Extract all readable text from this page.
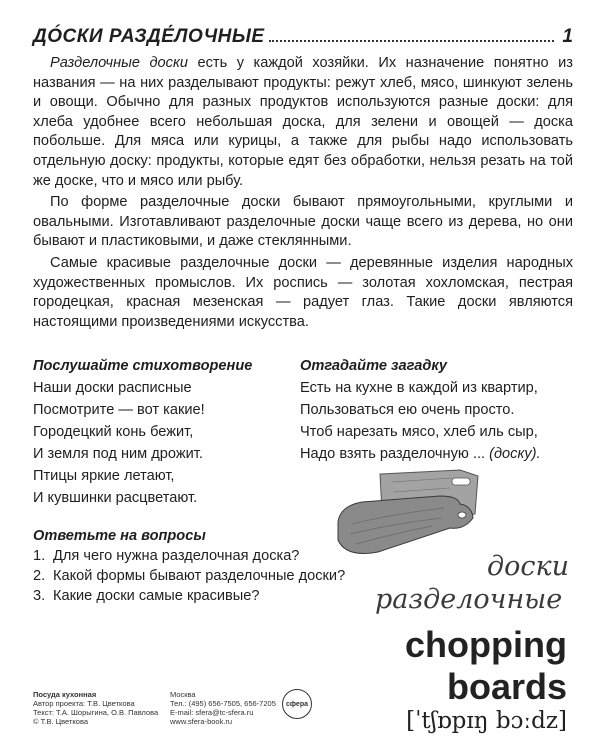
ДÓСКИ РАЗДЕ́ЛОЧНЫЕ	1

Разделочные доски есть у каждой хозяйки. Их назначение понятно из названия — на них разделывают продукты: режут хлеб, мясо, шинкуют зелень и овощи. Обычно для разных продуктов используются разные доски: для хлеба удобнее всего небольшая доска, для зелени и овощей — доска побольше. Для мяса или курицы, а также для рыбы надо использовать отдельную доску: продукты, которые едят без обработки, нельзя резать на той же доске, что и мясо или рыбу.

По форме разделочные доски бывают прямоугольными, круглыми и овальными. Изготавливают разделочные доски чаще всего из дерева, но они бывают и пластиковыми, и даже стеклянными.

Самые красивые разделочные доски — деревянные изделия народных художественных промыслов. Их роспись — золотая хохломская, пестрая городецкая, красная мезенская — радует глаз. Такие доски являются настоящими произведениями искусства.

Послушайте стихотворение
Наши доски расписные
Посмотрите — вот какие!
Городецкий конь бежит,
И земля под ним дрожит.
Птицы яркие летают,
И кувшинки расцветают.
Отгадайте загадку
Есть на кухне в каждой из квартир,
Пользоваться ею очень просто.
Чтоб нарезать мясо, хлеб иль сыр,
Надо взять разделочную ... (доску).
Ответьте на вопросы
1. Для чего нужна разделочная доска?
2. Какой формы бывают разделочные доски?
3. Какие доски самые красивые?
доски
разделочные
chopping
boards
[ˈtʃɒpɪŋ bɔːdz]
Посуда кухонная
Автор проекта: Т.В. Цветкова
Текст: Т.А. Шорыгина, О.В. Павлова
© Т.В. Цветкова
Москва
Тел.: (495) 656-7505, 656-7205
E-mail: sfera@tc-sfera.ru
www.sfera-book.ru
сфера
